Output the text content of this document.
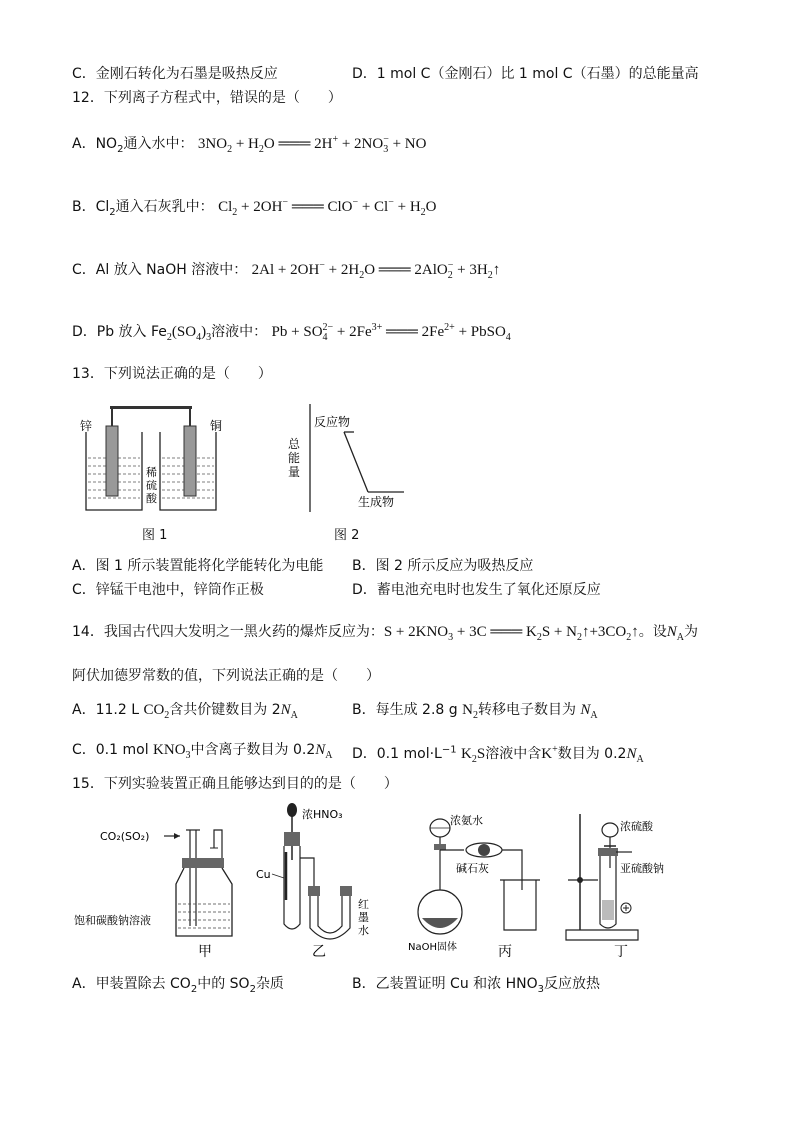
C．金刚石转化为石墨是吸热反应	D．1 mol C（金刚石）比 1 mol C（石墨）的总能量高
12．下列离子方程式中，错误的是（　　）
A．$NO_2$通入水中： $3NO_2 + H_2O$ ═══ $2H^+ + 2NO_3^-$ + NO
B．$Cl_2$通入石灰乳中： $Cl_2 + 2OH^-$ ═══ $ClO^- + Cl^- + H_2O$
C．Al 放入 NaOH 溶液中： $2Al + 2OH^- + 2H_2O$ ═══ $2AlO_2^- + 3H_2↑$
D．Pb 放入 $Fe_2(SO_4)_3$溶液中： $Pb + SO_4^{2-} + 2Fe^{3+}$ ═══ $2Fe^{2+}$ + PbSO$_4$
13．下列说法正确的是（　　）
锌	铜
稀
硫
酸
图 1
总
能
量
反应物
生成物
图 2
A．图 1 所示装置能将化学能转化为电能 B．图 2 所示反应为吸热反应
C．锌锰干电池中，锌筒作正极	D．蓄电池充电时也发生了氧化还原反应
14．我国古代四大发明之一黑火药的爆炸反应为：$S + 2KNO_3 + 3C$ ═══ $K_2S$ + $N_2↑+3CO_2↑$。设$N_A$为
阿伏加德罗常数的值，下列说法正确的是（　　）
A．11.2 L $CO_2$含共价键数目为 $2N_A$	B．每生成 2.8 g $N_2$转移电子数目为 $N_A$
C．0.1 mol $KNO_3$中含离子数目为 $0.2N_A$ D．0.1 $mol\cdot L^{-1}$ $K_2S$溶液中含K+数目为 $0.2N_A$
15．下列实验装置正确且能够达到目的的是（　　）
CO₂(SO₂)
饱和碳酸钠溶液
甲
浓HNO₃
Cu
红
墨
水
乙
浓氨水
碱石灰
NaOH固体	丙
浓硫酸
亚硫酸钠
丁
A．甲装置除去 $CO_2$中的 $SO_2$杂质	B．乙装置证明 Cu 和浓 $HNO_3$反应放热
